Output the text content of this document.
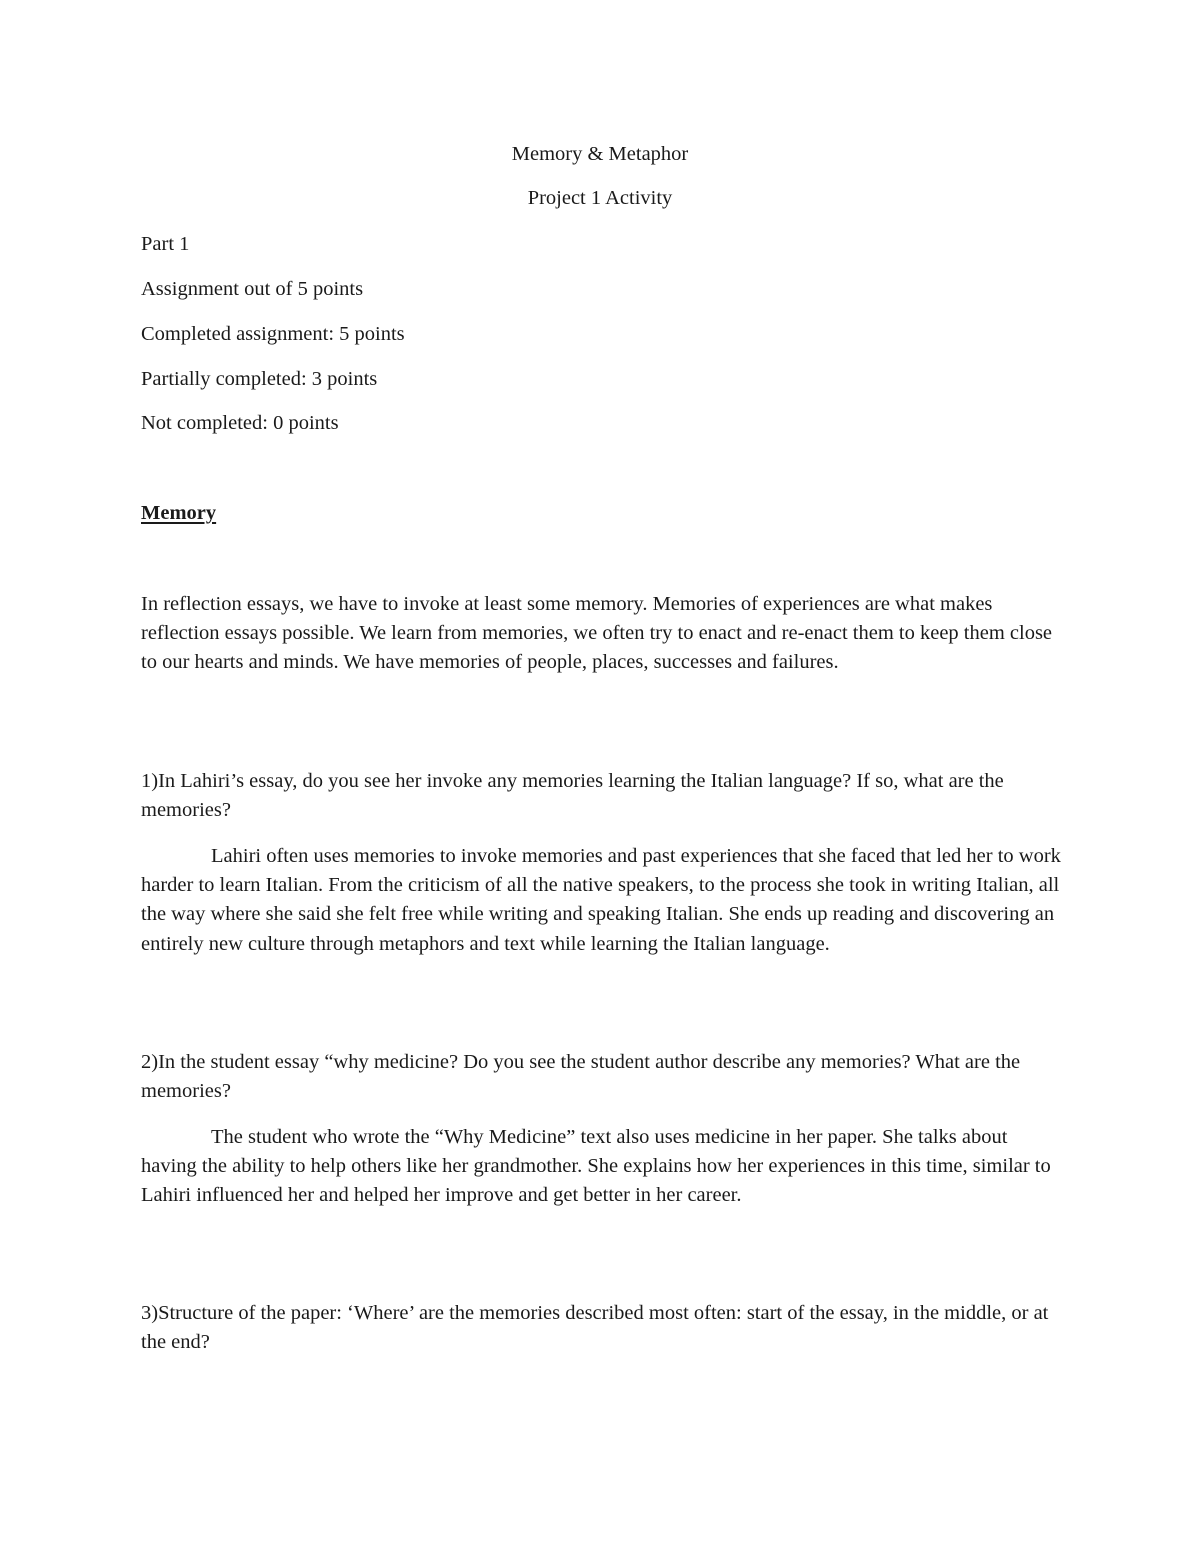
Memory & Metaphor
Project 1 Activity
Part 1
Assignment out of 5 points
Completed assignment: 5 points
Partially completed: 3 points
Not completed: 0 points
Memory
In reflection essays, we have to invoke at least some memory. Memories of experiences are what makes reflection essays possible. We learn from memories, we often try to enact and re-enact them to keep them close to our hearts and minds. We have memories of people, places, successes and failures.
1)In Lahiri’s essay, do you see her invoke any memories learning the Italian language? If so, what are the memories?
Lahiri often uses memories to invoke memories and past experiences that she faced that led her to work harder to learn Italian. From the criticism of all the native speakers, to the process she took in writing Italian, all the way where she said she felt free while writing and speaking Italian. She ends up reading and discovering an entirely new culture through metaphors and text while learning the Italian language.
2)In the student essay “why medicine? Do you see the student author describe any memories? What are the memories?
The student who wrote the “Why Medicine” text also uses medicine in her paper. She talks about having the ability to help others like her grandmother. She explains how her experiences in this time, similar to Lahiri influenced her and helped her improve and get better in her career.
3)Structure of the paper: ‘Where’ are the memories described most often: start of the essay, in the middle, or at the end?
